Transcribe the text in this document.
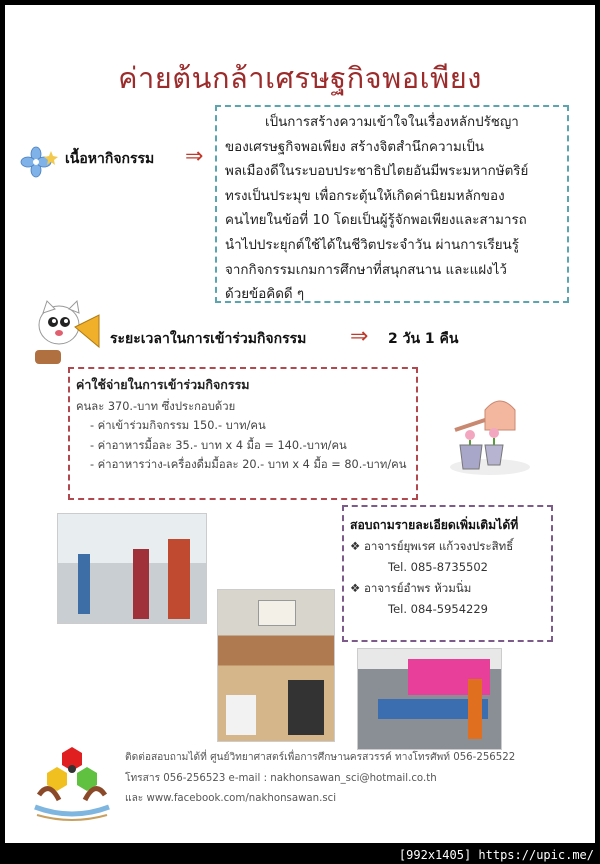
ค่ายต้นกล้าเศรษฐกิจพอเพียง
เนื้อหากิจกรรม ⇒
เป็นการสร้างความเข้าใจในเรื่องหลักปรัชญา
ของเศรษฐกิจพอเพียง สร้างจิตสำนึกความเป็น
พลเมืองดีในระบอบประชาธิปไตยอันมีพระมหากษัตริย์
ทรงเป็นประมุข เพื่อกระตุ้นให้เกิดค่านิยมหลักของ
คนไทยในข้อที่ 10 โดยเป็นผู้รู้จักพอเพียงและสามารถ
นำไปประยุกต์ใช้ได้ในชีวิตประจำวัน ผ่านการเรียนรู้
จากกิจกรรมเกมการศึกษาที่สนุกสนาน และแฝงไว้
ด้วยข้อคิดดี ๆ
ระยะเวลาในการเข้าร่วมกิจกรรม ⇒ 2 วัน 1 คืน
ค่าใช้จ่ายในการเข้าร่วมกิจกรรม
คนละ 370.-บาท ซึ่งประกอบด้วย
- ค่าเข้าร่วมกิจกรรม 150.- บาท/คน
- ค่าอาหารมื้อละ 35.- บาท x 4 มื้อ = 140.-บาท/คน
- ค่าอาหารว่าง-เครื่องดื่มมื้อละ 20.- บาท x 4 มื้อ = 80.-บาท/คน
สอบถามรายละเอียดเพิ่มเติมได้ที่
❖ อาจารย์ยุพเรศ แก้วจงประสิทธิ์
Tel. 085-8735502
❖ อาจารย์อำพร ห้วมนิ่ม
Tel. 084-5954229
ติดต่อสอบถามได้ที่ ศูนย์วิทยาศาสตร์เพื่อการศึกษานครสวรรค์ ทางโทรศัพท์ 056-256522
โทรสาร 056-256523 e-mail : nakhonsawan_sci@hotmail.co.th
และ www.facebook.com/nakhonsawan.sci
[992x1405] https://upic.me/
